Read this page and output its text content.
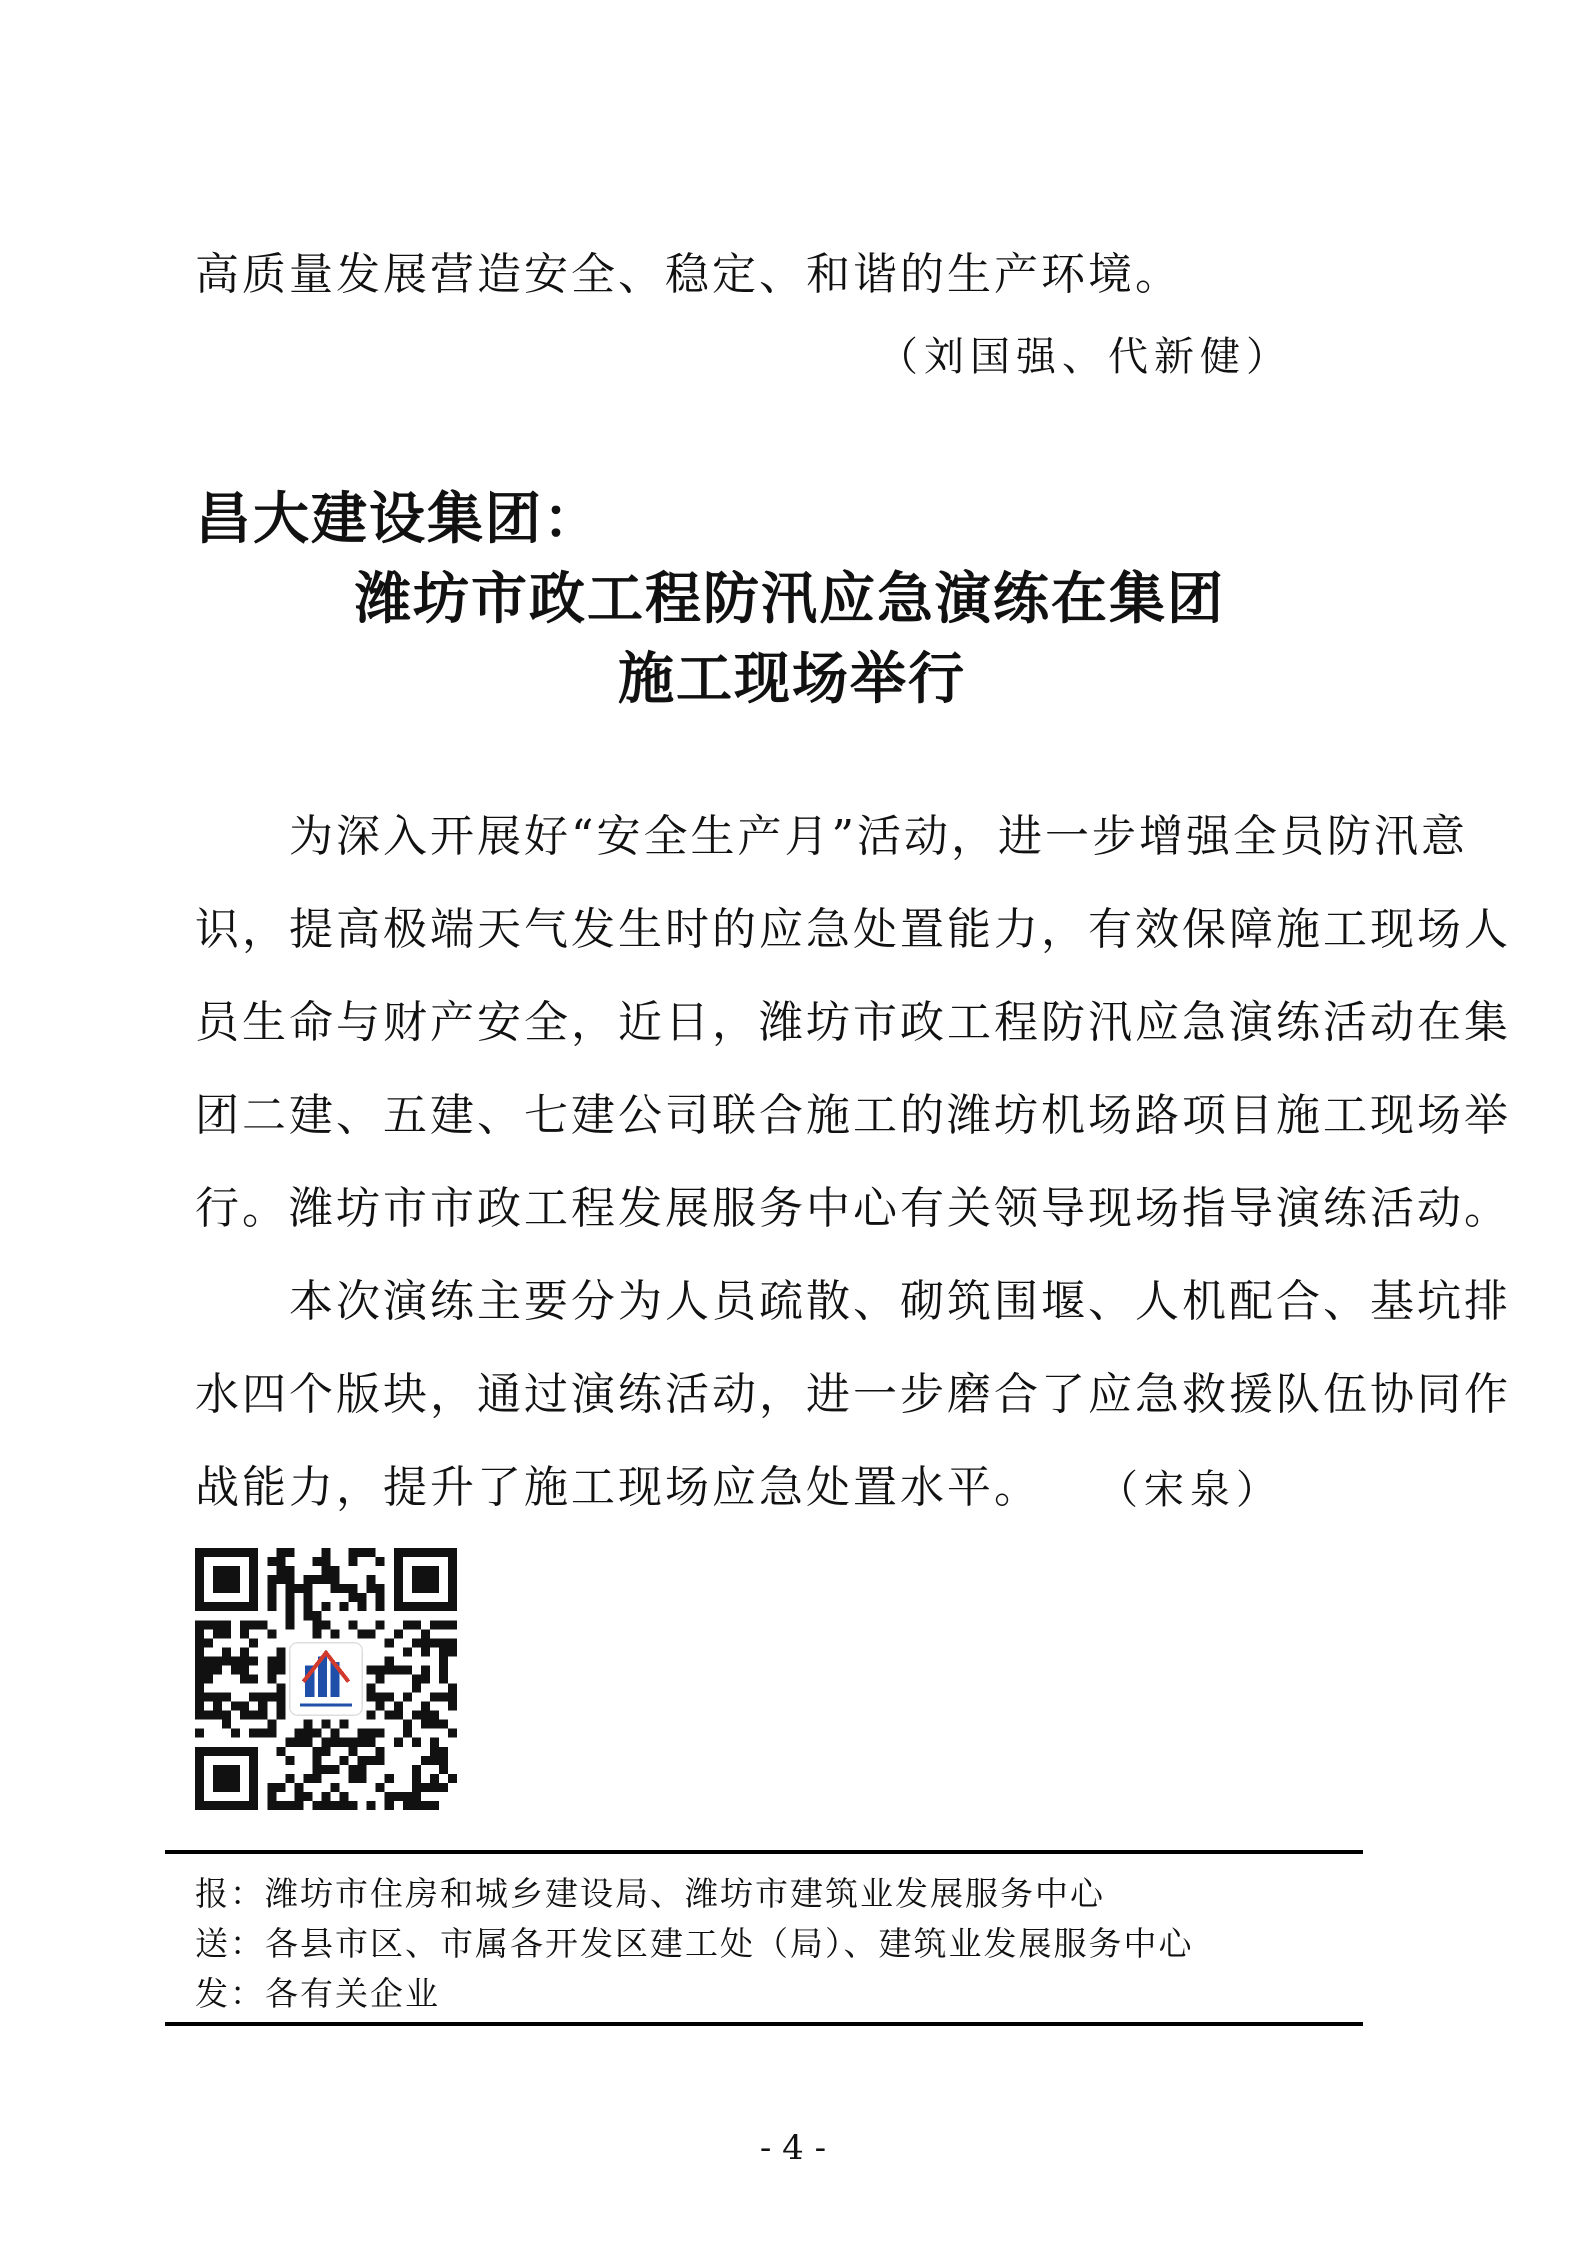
高质量发展营造安全、稳定、和谐的生产环境。
（刘国强、代新健）
昌大建设集团：
潍坊市政工程防汛应急演练在集团
施工现场举行
　　为深入开展好“安全生产月”活动，进一步增强全员防汛意
识，提高极端天气发生时的应急处置能力，有效保障施工现场人
员生命与财产安全，近日，潍坊市政工程防汛应急演练活动在集
团二建、五建、七建公司联合施工的潍坊机场路项目施工现场举
行。潍坊市市政工程发展服务中心有关领导现场指导演练活动。
　　本次演练主要分为人员疏散、砌筑围堰、人机配合、基坑排
水四个版块，通过演练活动，进一步磨合了应急救援队伍协同作
战能力，提升了施工现场应急处置水平。 （宋泉）
报：潍坊市住房和城乡建设局、潍坊市建筑业发展服务中心
送：各县市区、市属各开发区建工处（局）、建筑业发展服务中心
发：各有关企业
- 4 -
